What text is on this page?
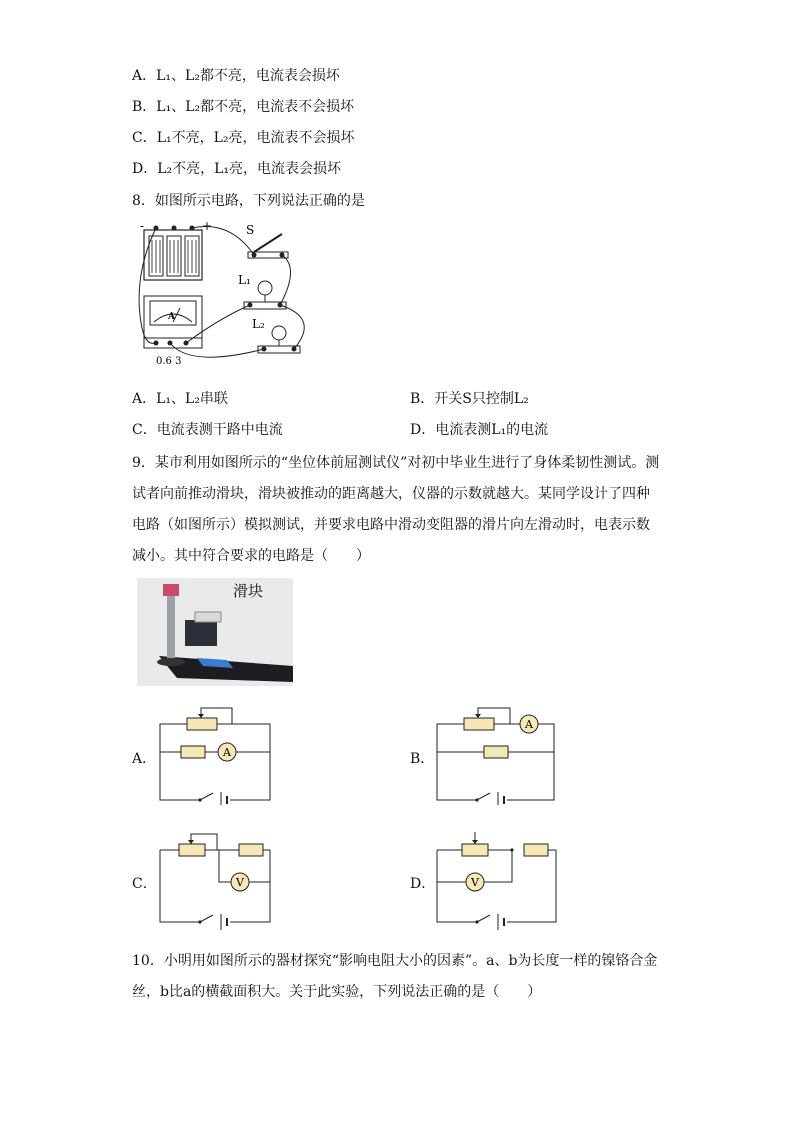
A．L₁、L₂都不亮，电流表会损坏
B．L₁、L₂都不亮，电流表不会损坏
C．L₁不亮，L₂亮，电流表不会损坏
D．L₂不亮，L₁亮，电流表会损坏
8．如图所示电路，下列说法正确的是
-	+	S
L₁
L₂
A
0.6 3
A．L₁、L₂串联	B．开关S只控制L₂
C．电流表测干路中电流	D．电流表测L₁的电流
9．某市利用如图所示的“坐位体前屈测试仪”对初中毕业生进行了身体柔韧性测试。测试者向前推动滑块，滑块被推动的距离越大，仪器的示数就越大。某同学设计了四种电路（如图所示）模拟测试，并要求电路中滑动变阻器的滑片向左滑动时，电表示数减小。其中符合要求的电路是（　　）
滑块
A．	A	B．
A
C．	V	D．	V
10．小明用如图所示的器材探究“影响电阻大小的因素”。a、b为长度一样的镍铬合金丝，b比a的横截面积大。关于此实验，下列说法正确的是（　　）
